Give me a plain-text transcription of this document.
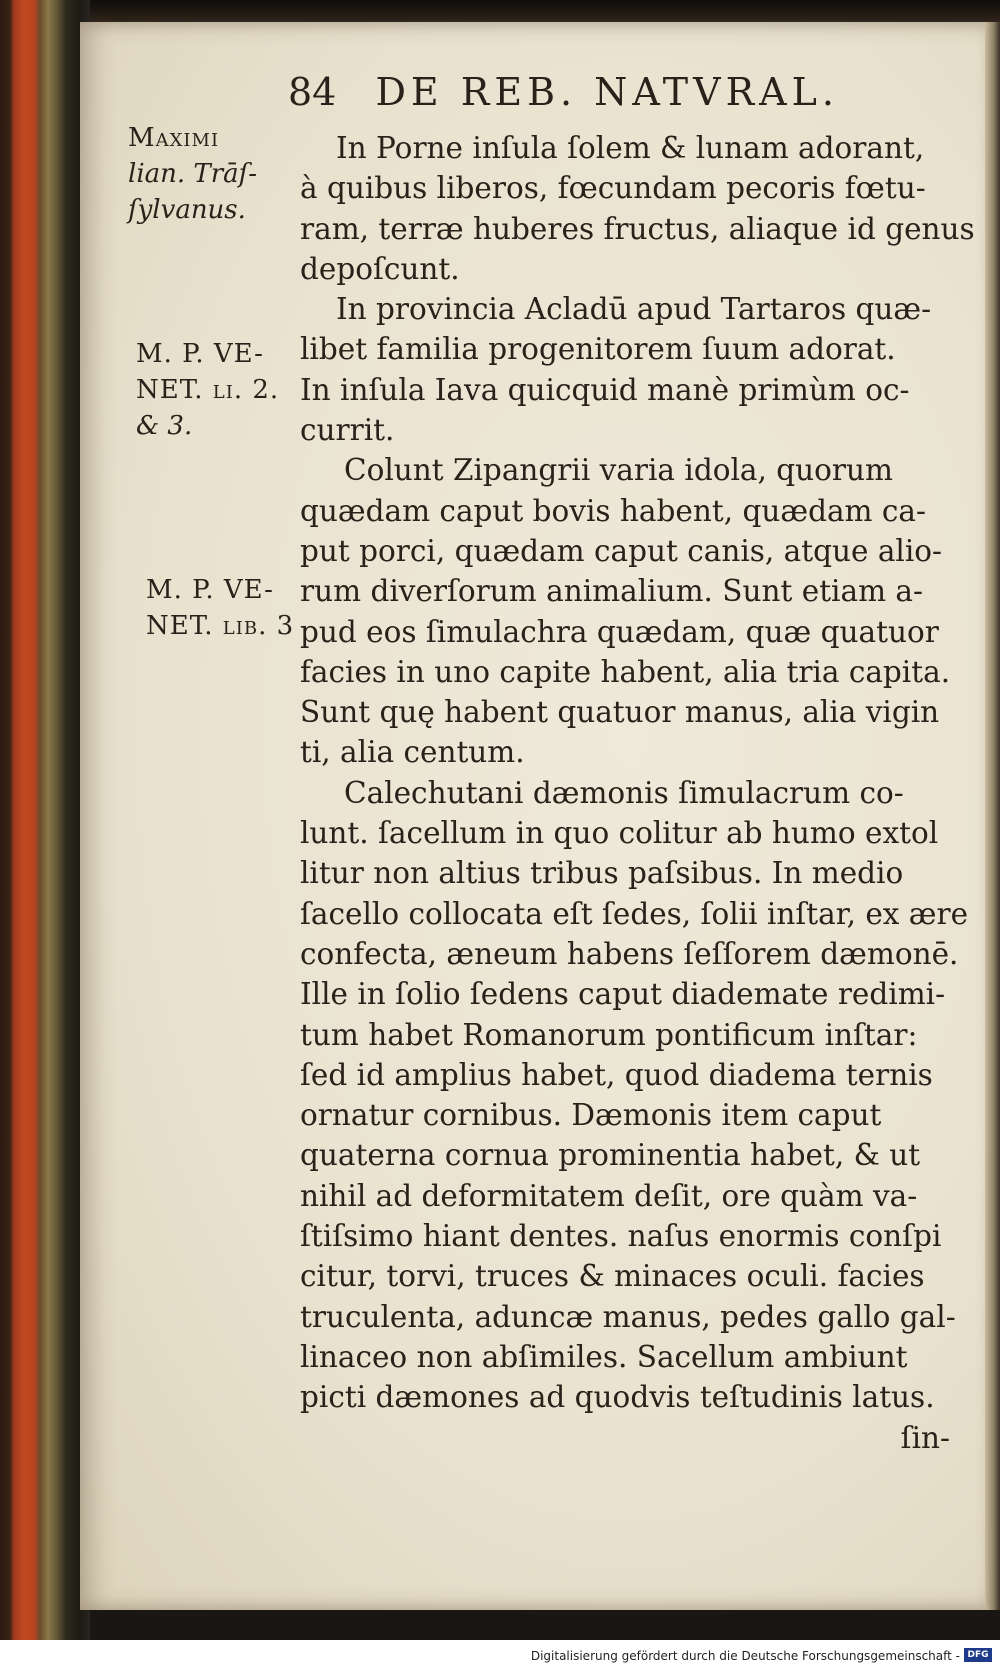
84 DE REB. NATVRAL.
Maximi
lian. Trāſ-
ſylvanus.
M. P. VE-
NET. li. 2.
& 3.
M. P. VE-
NET. lib. 3
In Porne inſula ſolem & lunam adorant,
à quibus liberos, fœcundam pecoris fœtu-
ram, terræ huberes fructus, aliaque id genus
depoſcunt.
In provincia Acladū apud Tartaros quæ-
libet familia progenitorem ſuum adorat.
In inſula Iava quicquid manè primùm oc-
currit.
Colunt Zipangrii varia idola, quorum
quædam caput bovis habent, quædam ca-
put porci, quædam caput canis, atque alio-
rum diverſorum animalium. Sunt etiam a-
pud eos ſimulachra quædam, quæ quatuor
facies in uno capite habent, alia tria capita.
Sunt quę habent quatuor manus, alia vigin
ti, alia centum.
Calechutani dæmonis ſimulacrum co-
lunt. ſacellum in quo colitur ab humo extol
litur non altius tribus paſsibus. In medio
ſacello collocata eſt ſedes, ſolii inſtar, ex ære
confecta, æneum habens ſeſſorem dæmonē.
Ille in ſolio ſedens caput diademate redimi-
tum habet Romanorum pontificum inſtar:
ſed id amplius habet, quod diadema ternis
ornatur cornibus. Dæmonis item caput
quaterna cornua prominentia habet, & ut
nihil ad deformitatem deſit, ore quàm va-
ſtiſsimo hiant dentes. naſus enormis conſpi
citur, torvi, truces & minaces oculi. facies
truculenta, aduncæ manus, pedes gallo gal-
linaceo non abſimiles. Sacellum ambiunt
picti dæmones ad quodvis teſtudinis latus.
ſin-
Digitalisierung gefördert durch die Deutsche Forschungsgemeinschaft - DFG
